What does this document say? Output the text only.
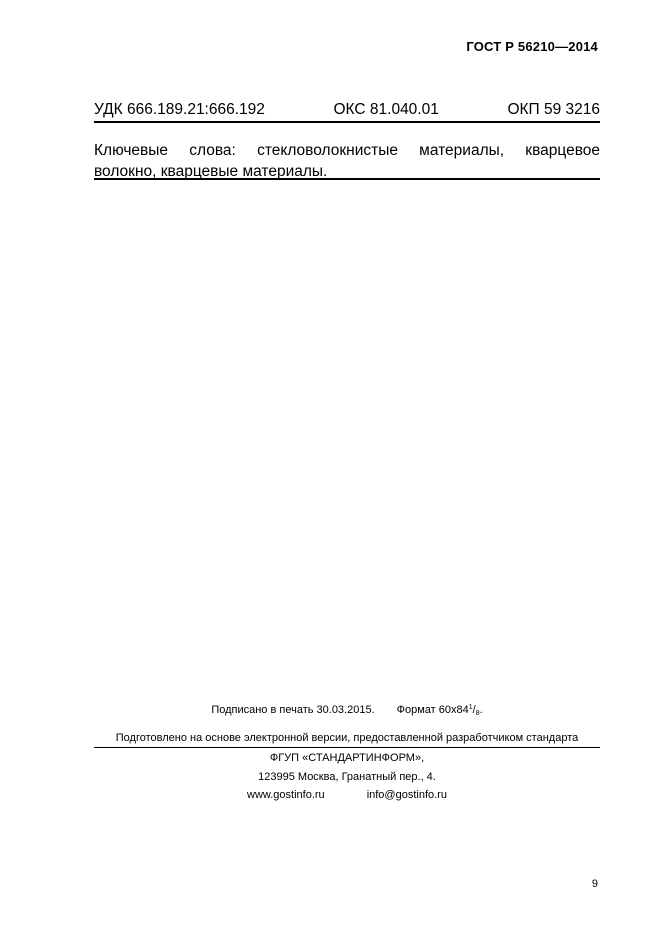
ГОСТ Р 56210—2014
УДК 666.189.21:666.192	ОКС 81.040.01	ОКП 59 3216
Ключевые слова: стекловолокнистые материалы, кварцевое
волокно, кварцевые материалы.
Подписано в печать 30.03.2015. Формат $60x84^1/_8$.
Подготовлено на основе электронной версии, предоставленной разработчиком стандарта
ФГУП «СТАНДАРТИНФОРМ»,
123995 Москва, Гранатный пер., 4.
www.gostinfo.ru	info@gostinfo.ru
9
